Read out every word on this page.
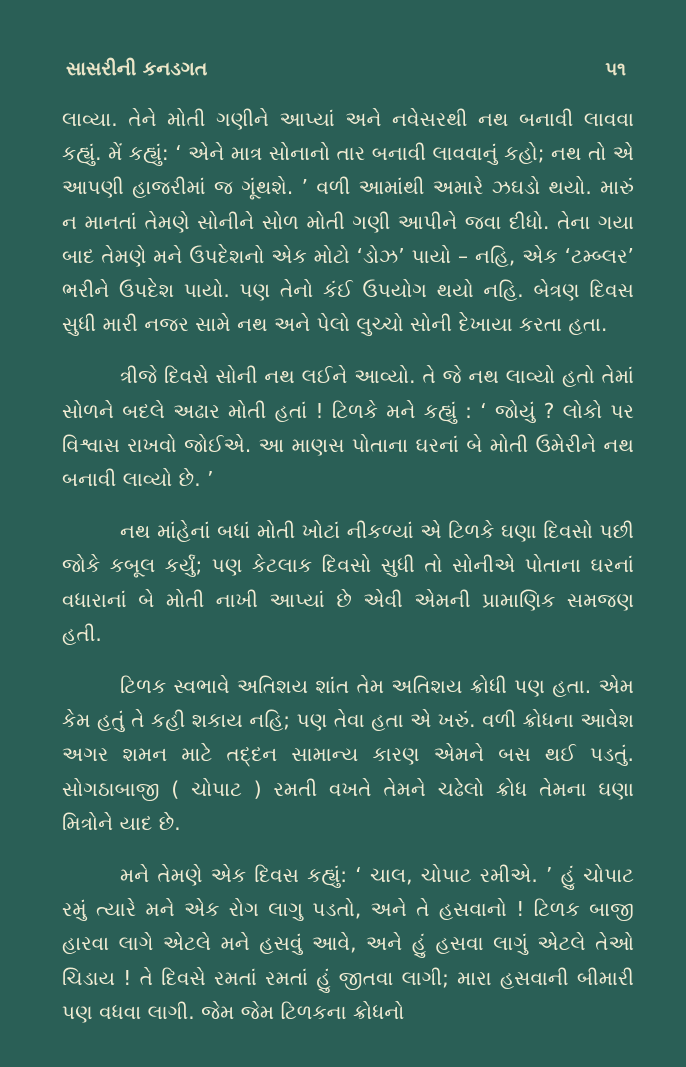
સાસરીની કનડગત	૫૧

લાવ્યા. તેને મોતી ગણીને આપ્યાં અને નવેસરથી નથ બનાવી લાવવા કહ્યું. મેં કહ્યું: ‘ એને માત્ર સોનાનો તાર બનાવી લાવવાનું કહો; નથ તો એ આપણી હાજરીમાં જ ગૂંથશે. ’ વળી આમાંથી અમારે ઝઘડો થયો. મારું ન માનતાં તેમણે સોનીને સોળ મોતી ગણી આપીને જવા દીધો. તેના ગયા બાદ તેમણે મને ઉપદેશનો એક મોટો ‘ડોઝ’ પાયો – નહિ, એક ‘ટમ્બ્લર’ ભરીને ઉપદેશ પાયો. પણ તેનો કંઈ ઉપયોગ થયો નહિ. બેત્રણ દિવસ સુધી મારી નજર સામે નથ અને પેલો લુચ્ચો સોની દેખાયા કરતા હતા.

ત્રીજે દિવસે સોની નથ લઈને આવ્યો. તે જે નથ લાવ્યો હતો તેમાં સોળને બદલે અઢાર મોતી હતાં ! ટિળકે મને કહ્યું : ‘ જોયું ? લોકો પર વિશ્વાસ રાખવો જોઈએ. આ માણસ પોતાના ઘરનાં બે મોતી ઉમેરીને નથ બનાવી લાવ્યો છે. ’

નથ માંહેનાં બધાં મોતી ખોટાં નીકળ્યાં એ ટિળકે ઘણા દિવસો પછી જોકે કબૂલ કર્યું; પણ કેટલાક દિવસો સુધી તો સોનીએ પોતાના ઘરનાં વધારાનાં બે મોતી નાખી આપ્યાં છે એવી એમની પ્રામાણિક સમજણ હતી.

ટિળક સ્વભાવે અતિશય શાંત તેમ અતિશય ક્રોધી પણ હતા. એમ કેમ હતું તે કહી શકાય નહિ; પણ તેવા હતા એ ખરું. વળી ક્રોધના આવેશ અગર શમન માટે તદ્દન સામાન્ય કારણ એમને બસ થઈ પડતું. સોગઠાબાજી ( ચોપાટ ) રમતી વખતે તેમને ચઢેલો ક્રોધ તેમના ઘણા મિત્રોને યાદ છે.

મને તેમણે એક દિવસ કહ્યું: ‘ ચાલ, ચોપાટ રમીએ. ’ હું ચોપાટ રમું ત્યારે મને એક રોગ લાગુ પડતો, અને તે હસવાનો ! ટિળક બાજી હારવા લાગે એટલે મને હસવું આવે, અને હું હસવા લાગું એટલે તેઓ ચિડાય ! તે દિવસે રમતાં રમતાં હું જીતવા લાગી; મારા હસવાની બીમારી પણ વધવા લાગી. જેમ જેમ ટિળકના ક્રોધનો
